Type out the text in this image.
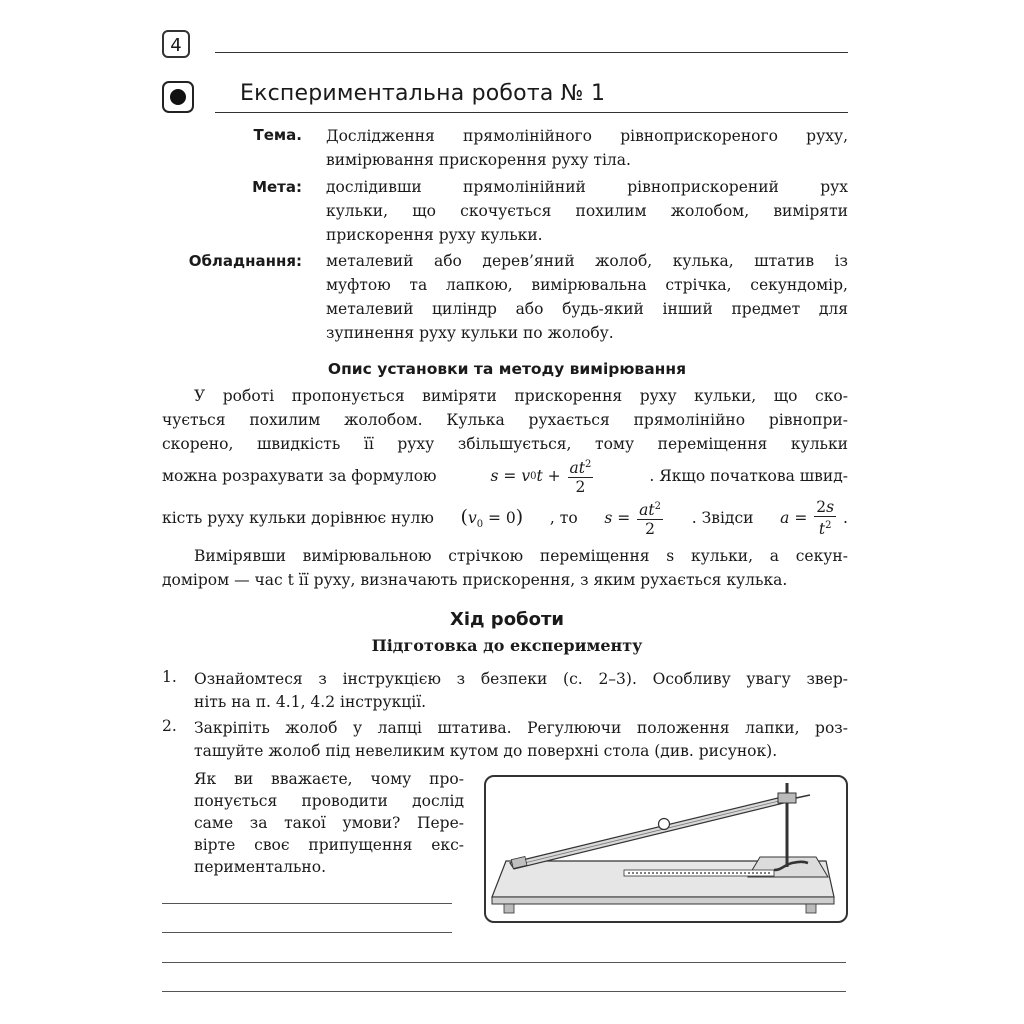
4
Експериментальна робота № 1
Тема. Дослідження прямолінійного рівноприскореного руху,
вимірювання прискорення руху тіла.
Мета: дослідивши прямолінійний рівноприскорений рух
кульки, що скочується похилим жолобом, виміряти
прискорення руху кульки.
Обладнання: металевий або дерев’яний жолоб, кулька, штатив із
муфтою та лапкою, вимірювальна стрічка, секундомір,
металевий циліндр або будь-який інший предмет для
зупинення руху кульки по жолобу.
Опис установки та методу вимірювання
У роботі пропонується виміряти прискорення руху кульки, що ско-
чується похилим жолобом. Кулька рухається прямолінійно рівнопри-
скорено, швидкість її руху збільшується, тому переміщення кульки
можна розрахувати за формулою	s = v 0 $t + \frac{at^2}{2}$	. Якщо початкова швид-
кість руху кульки дорівнює нулю $(v_0 = 0)$ , то $s = \frac{at^2}{2}$ . Звідси $a = \frac{2s}{t^2}$ .
Вимірявши вимірювальною стрічкою переміщення s кульки, а секун-
доміром — час t її руху, визначають прискорення, з яким рухається кулька.
Хід роботи
Підготовка до експерименту
1. Ознайомтеся з інструкцією з безпеки (с. 2–3). Особливу увагу звер-
ніть на п. 4.1, 4.2 інструкції.
2. Закріпіть жолоб у лапці штатива. Регулюючи положення лапки, роз-
ташуйте жолоб під невеликим кутом до поверхні стола (див. рисунок).
Як ви вважаєте, чому про-
понується проводити дослід
саме за такої умови? Пере-
вірте своє припущення екс-
периментально.
